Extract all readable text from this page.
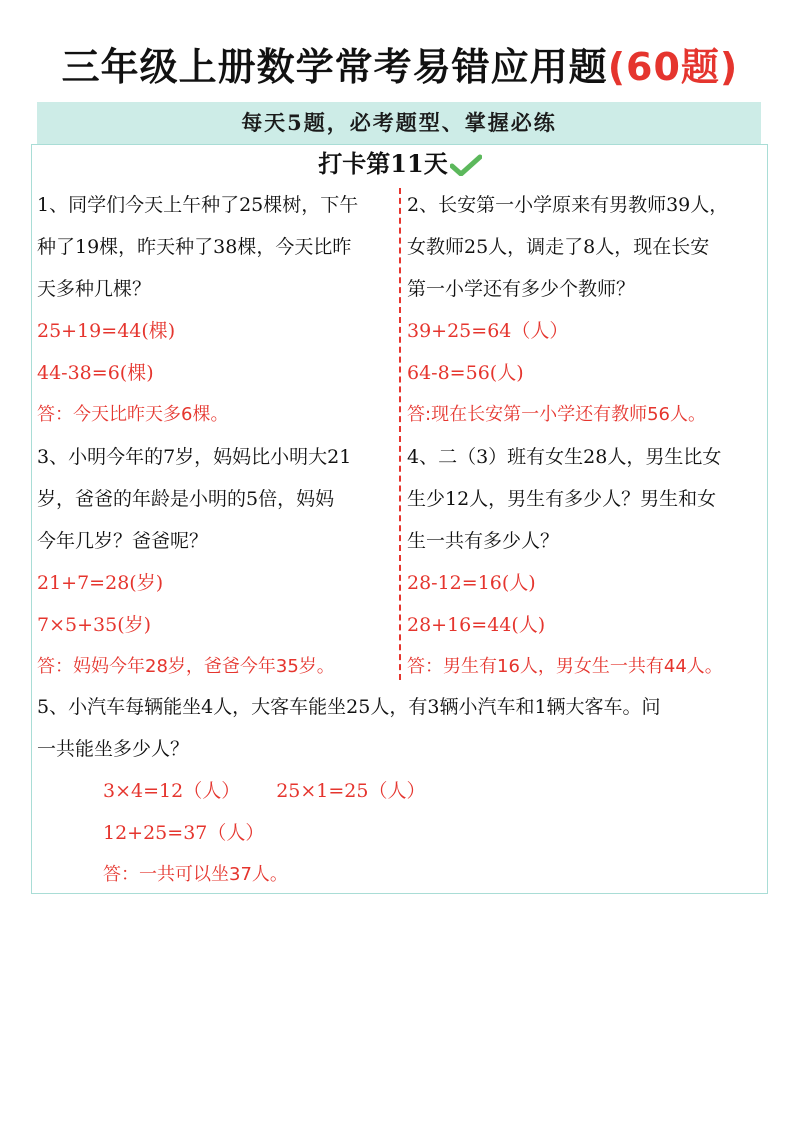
三年级上册数学常考易错应用题(60题)
每天5题，必考题型、掌握必练
打卡第11天
1、同学们今天上午种了25棵树，下午
种了19棵，昨天种了38棵，今天比昨
天多种几棵？
25+19=44(棵)
44-38=6(棵)
答：今天比昨天多6棵。
2、长安第一小学原来有男教师39人，
女教师25人，调走了8人，现在长安
第一小学还有多少个教师？
39+25=64（人）
64-8=56(人)
答:现在长安第一小学还有教师56人。
3、小明今年的7岁，妈妈比小明大21
岁，爸爸的年龄是小明的5倍，妈妈
今年几岁？爸爸呢？
21+7=28(岁)
7×5+35(岁)
答：妈妈今年28岁，爸爸今年35岁。
4、二（3）班有女生28人，男生比女
生少12人，男生有多少人？男生和女
生一共有多少人？
28-12=16(人)
28+16=44(人)
答：男生有16人，男女生一共有44人。
5、小汽车每辆能坐4人，大客车能坐25人，有3辆小汽车和1辆大客车。问
一共能坐多少人？
3×4=12（人） 25×1=25（人）
12+25=37（人）
答：一共可以坐37人。
